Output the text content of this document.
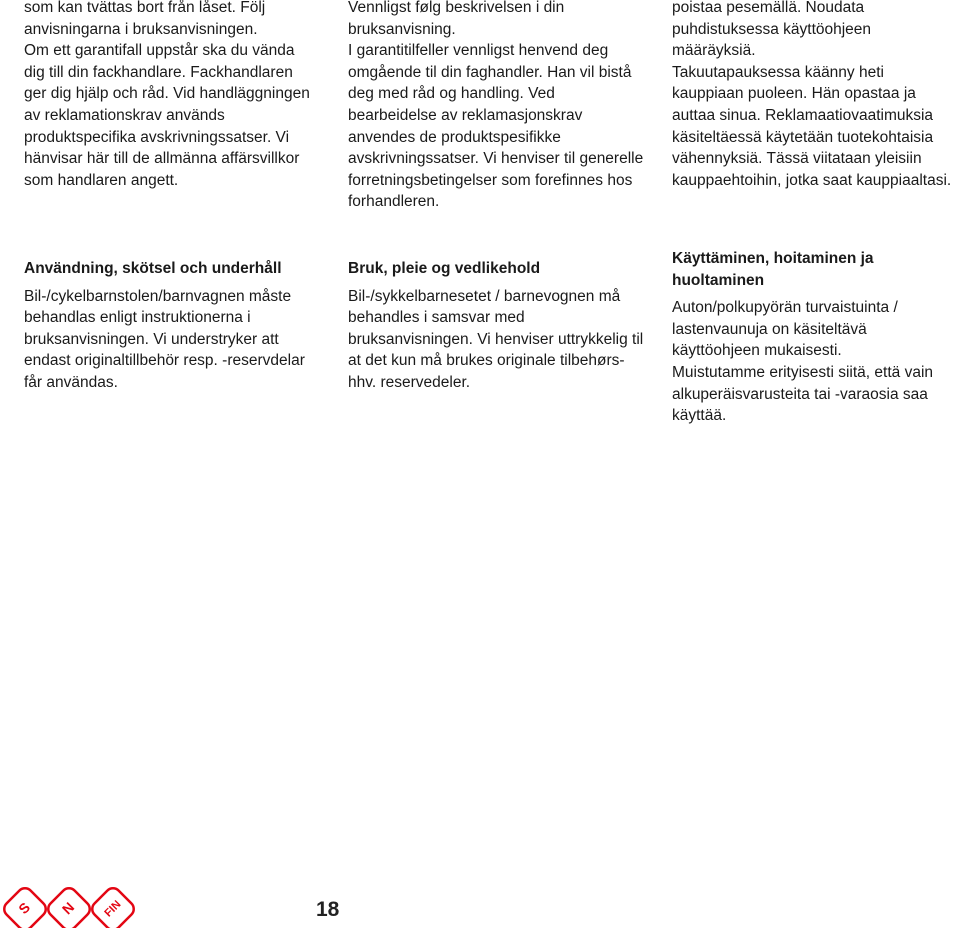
som kan tvättas bort från låset. Följ anvisningarna i bruksanvisningen.

Om ett garantifall uppstår ska du vända dig till din fackhandlare. Fackhandlaren ger dig hjälp och råd. Vid handläggningen av reklamationskrav används produktspecifika avskrivningssatser. Vi hänvisar här till de allmänna affärsvillkor som handlaren angett.

Användning, skötsel och underhåll

Bil-/cykelbarnstolen/barnvagnen måste behandlas enligt instruktionerna i bruksanvisningen. Vi understryker att endast originaltillbehör resp. -reservdelar får användas.

Vennligst følg beskrivelsen i din bruksanvisning.

I garantitilfeller vennligst henvend deg omgående til din faghandler. Han vil bistå deg med råd og handling. Ved bearbeidelse av reklamasjonskrav anvendes de produktspesifikke avskrivningssatser. Vi henviser til generelle forretningsbetingelser som forefinnes hos forhandleren.

Bruk, pleie og vedlikehold

Bil-/sykkelbarnesetet / barnevognen må behandles i samsvar med bruksanvisningen. Vi henviser uttrykkelig til at det kun må brukes originale tilbehørs- hhv. reservedeler.

poistaa pesemällä. Noudata puhdistuksessa käyttöohjeen määräyksiä.

Takuutapauksessa käänny heti kauppiaan puoleen. Hän opastaa ja auttaa sinua. Reklamaatiovaatimuksia käsiteltäessä käytetään tuotekohtaisia vähennyksiä. Tässä viitataan yleisiin kauppaehtoihin, jotka saat kauppiaaltasi.

Käyttäminen, hoitaminen ja huoltaminen

Auton/polkupyörän turvaistuinta / lastenvaunuja on käsiteltävä käyttöohjeen mukaisesti.

Muistutamme erityisesti siitä, että vain alkuperäisvarusteita tai -varaosia saa käyttää.

S N FIN	18
